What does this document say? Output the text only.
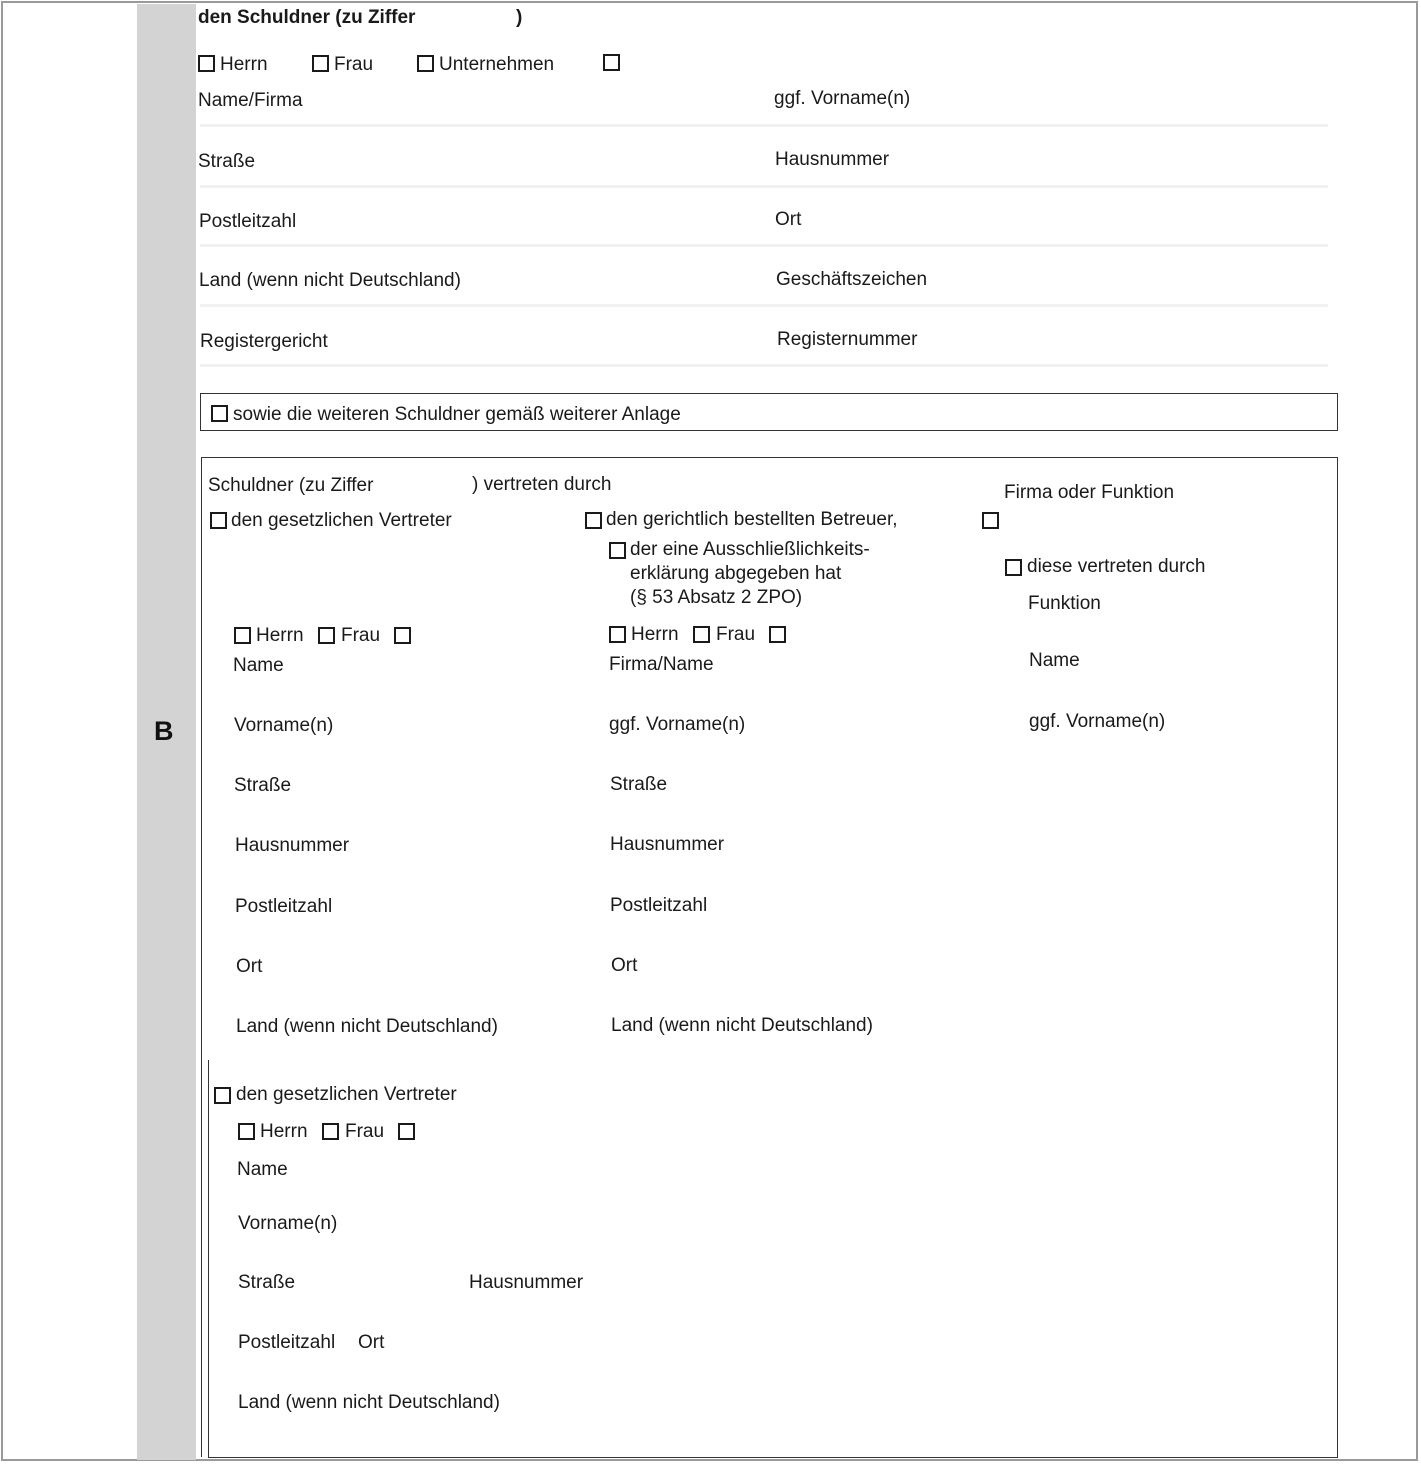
B
den Schuldner (zu Ziffer	)
Herrn	Frau	Unternehmen
Name/Firma	ggf. Vorname(n)
Straße	Hausnummer
Postleitzahl	Ort
Land (wenn nicht Deutschland)	Geschäftszeichen
Registergericht	Registernummer
sowie die weiteren Schuldner gemäß weiterer Anlage
Schuldner (zu Ziffer	) vertreten durch	Firma oder Funktion
den gesetzlichen Vertreter
Herrn Frau
Name
Vorname(n)
Straße
Hausnummer
Postleitzahl
Ort
Land (wenn nicht Deutschland)
den gerichtlich bestellten Betreuer,
der eine Ausschließlichkeits-
erklärung abgegeben hat
(§ 53 Absatz 2 ZPO)
Herrn Frau
Firma/Name
ggf. Vorname(n)
Straße
Hausnummer
Postleitzahl
Ort
Land (wenn nicht Deutschland)
diese vertreten durch
Funktion
Name
ggf. Vorname(n)
den gesetzlichen Vertreter
Herrn Frau
Name
Vorname(n)
Straße	Hausnummer
Postleitzahl Ort
Land (wenn nicht Deutschland)
